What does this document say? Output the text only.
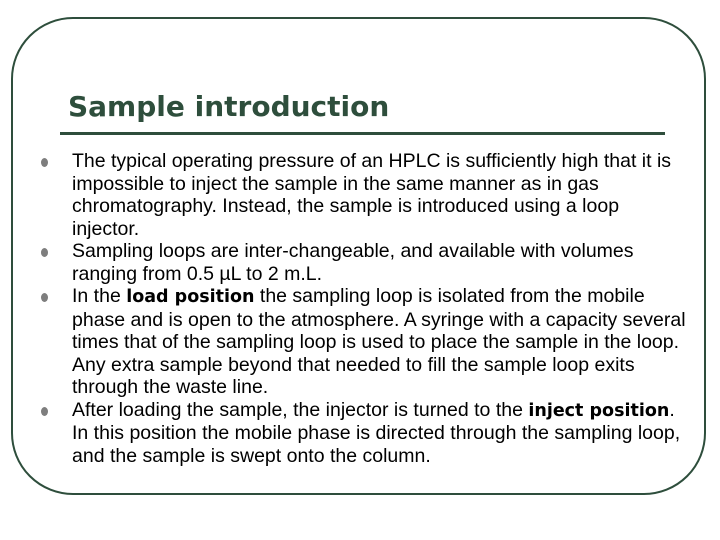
Sample introduction
The typical operating pressure of an HPLC is sufficiently high that it is impossible to inject the sample in the same manner as in gas chromatography. Instead, the sample is introduced using a loop injector.
Sampling loops are inter-changeable, and available with volumes ranging from 0.5 µL to 2 m.L.
In the load position the sampling loop is isolated from the mobile phase and is open to the atmosphere. A syringe with a capacity several times that of the sampling loop is used to place the sample in the loop. Any extra sample beyond that needed to fill the sample loop exits through the waste line.
After loading the sample, the injector is turned to the inject position. In this position the mobile phase is directed through the sampling loop, and the sample is swept onto the column.
